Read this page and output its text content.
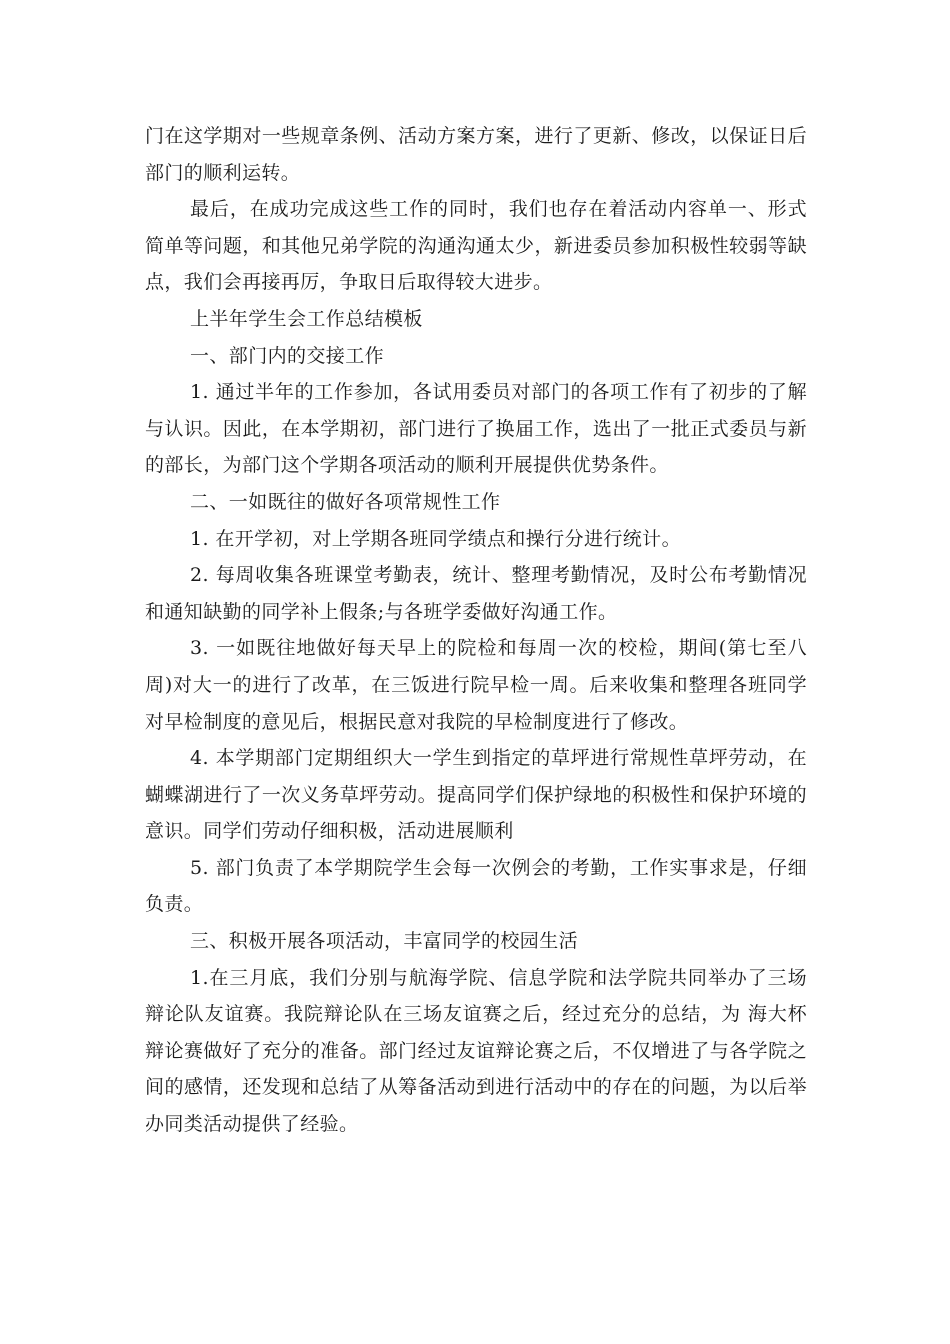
门在这学期对一些规章条例、活动方案方案，进行了更新、修改，以保证日后部门的顺利运转。

最后，在成功完成这些工作的同时，我们也存在着活动内容单一、形式简单等问题，和其他兄弟学院的沟通沟通太少，新进委员参加积极性较弱等缺点，我们会再接再厉，争取日后取得较大进步。

上半年学生会工作总结模板

一、部门内的交接工作

1. 通过半年的工作参加，各试用委员对部门的各项工作有了初步的了解与认识。因此，在本学期初，部门进行了换届工作，选出了一批正式委员与新的部长，为部门这个学期各项活动的顺利开展提供优势条件。

二、一如既往的做好各项常规性工作

1. 在开学初，对上学期各班同学绩点和操行分进行统计。

2. 每周收集各班课堂考勤表，统计、整理考勤情况，及时公布考勤情况和通知缺勤的同学补上假条;与各班学委做好沟通工作。

3. 一如既往地做好每天早上的院检和每周一次的校检，期间(第七至八周)对大一的进行了改革，在三饭进行院早检一周。后来收集和整理各班同学对早检制度的意见后，根据民意对我院的早检制度进行了修改。

4. 本学期部门定期组织大一学生到指定的草坪进行常规性草坪劳动，在蝴蝶湖进行了一次义务草坪劳动。提高同学们保护绿地的积极性和保护环境的意识。同学们劳动仔细积极，活动进展顺利

5. 部门负责了本学期院学生会每一次例会的考勤，工作实事求是，仔细负责。

三、积极开展各项活动，丰富同学的校园生活

1.在三月底，我们分别与航海学院、信息学院和法学院共同举办了三场辩论队友谊赛。我院辩论队在三场友谊赛之后，经过充分的总结，为 海大杯 辩论赛做好了充分的准备。部门经过友谊辩论赛之后，不仅增进了与各学院之间的感情，还发现和总结了从筹备活动到进行活动中的存在的问题，为以后举办同类活动提供了经验。
